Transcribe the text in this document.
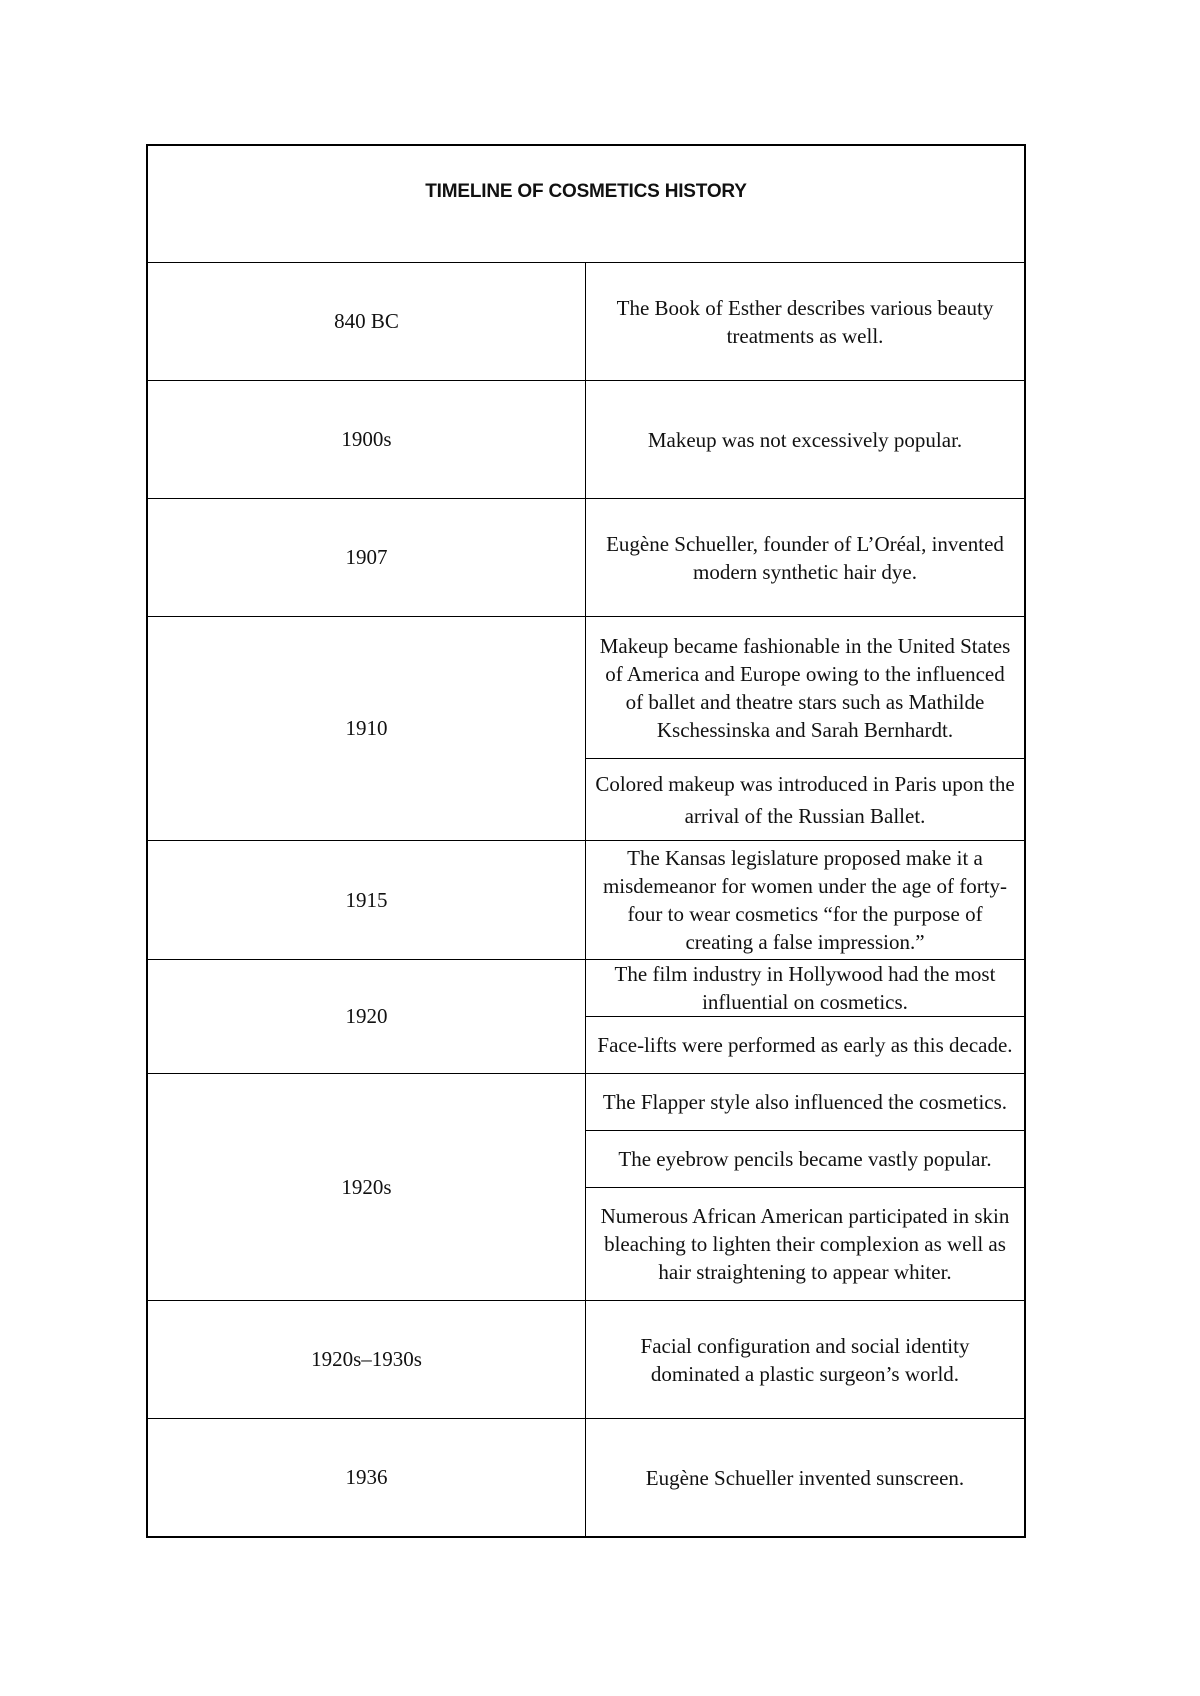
TIMELINE OF COSMETICS HISTORY
840 BC
The Book of Esther describes various beauty treatments as well.
1900s	Makeup was not excessively popular.
1907
Eugène Schueller, founder of L’Oréal, invented modern synthetic hair dye.
1910
Makeup became fashionable in the United States of America and Europe owing to the influenced of ballet and theatre stars such as Mathilde Kschessinska and Sarah Bernhardt.
Colored makeup was introduced in Paris upon the arrival of the Russian Ballet.
1915
The Kansas legislature proposed make it a misdemeanor for women under the age of forty-four to wear cosmetics “for the purpose of creating a false impression.”
1920
The film industry in Hollywood had the most influential on cosmetics.
Face-lifts were performed as early as this decade.
1920s
The Flapper style also influenced the cosmetics.
The eyebrow pencils became vastly popular.
Numerous African American participated in skin bleaching to lighten their complexion as well as hair straightening to appear whiter.
1920s–1930s
Facial configuration and social identity dominated a plastic surgeon’s world.
1936	Eugène Schueller invented sunscreen.
